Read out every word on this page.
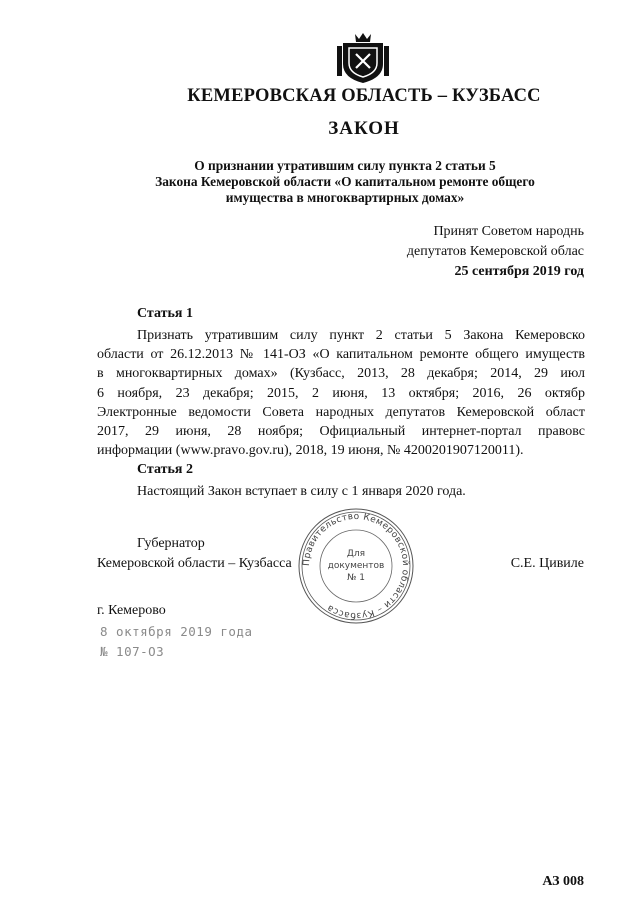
КЕМЕРОВСКАЯ ОБЛАСТЬ – КУЗБАСС
ЗАКОН
О признании утратившим силу пункта 2 статьи 5
Закона Кемеровской области «О капитальном ремонте общего
имущества в многоквартирных домах»
Принят Советом народнь
депутатов Кемеровской облас
25 сентября 2019 год
Статья 1
Признать утратившим силу пункт 2 статьи 5 Закона Кемеровско
области от 26.12.2013 № 141-ОЗ «О капитальном ремонте общего имуществ
в многоквартирных домах» (Кузбасс, 2013, 28 декабря; 2014, 29 июл
6 ноября, 23 декабря; 2015, 2 июня, 13 октября; 2016, 26 октябр
Электронные ведомости Совета народных депутатов Кемеровской област
2017, 29 июня, 28 ноября; Официальный интернет-портал правовс
информации (www.pravo.gov.ru), 2018, 19 июня, № 4200201907120011).
Статья 2
Настоящий Закон вступает в силу с 1 января 2020 года.
Губернатор
Кемеровской области – Кузбасса	С.Е. Цивиле
Правительство Кемеровской области – Кузбасса
Для
документов
№ 1
г. Кемерово
8 октября 2019 года
№ 107-ОЗ
АЗ 008
